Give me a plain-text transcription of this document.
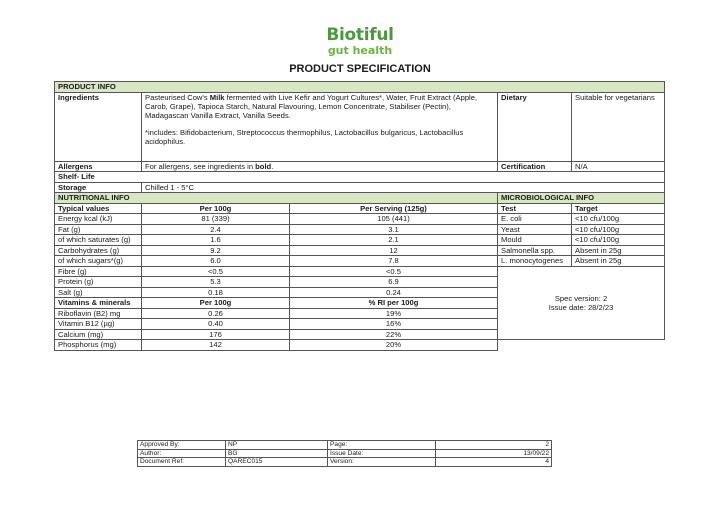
Biotiful
gut health
PRODUCT SPECIFICATION
PRODUCT INFO				
Ingredients	Pasteurised Cow's Milk fermented with Live Kefir and Yogurt Cultures*, Water, Fruit Extract (Apple, Carob, Grape), Tapioca Starch, Natural Flavouring, Lemon Concentrate, Stabiliser (Pectin), Madagascan Vanilla Extract, Vanilla Seeds.

*includes: Bifidobacterium, Streptococcus thermophilus, Lactobacillus bulgaricus, Lactobacillus acidophilus.		Dietary	Suitable for vegetarians
Allergens	For allergens, see ingredients in bold.		Certification	N/A
Shelf- Life				
Storage	Chilled 1 - 5°C			
NUTRITIONAL INFO			MICROBIOLOGICAL INFO	
Typical values	Per 100g	Per Serving (125g)	Test	Target
Energy kcal (kJ)	81 (339)	105 (441)	E. coli	<10 cfu/100g
Fat (g)	2.4	3.1	Yeast	<10 cfu/100g
of which saturates (g)	1.6	2.1	Mould	<10 cfu/100g
Carbohydrates (g)	9.2	12	Salmonella spp.	Absent in 25g
of which sugars*(g)	6.0	7.8	L. monocytogenes	Absent in 25g
Fibre (g)	<0.5	<0.5	Spec version: 2
Issue date: 28/2/23	

Protein (g)	5.3	6.9		
Salt (g)	0.18	0.24		
Vitamins & minerals	Per 100g	% RI per 100g		
Riboflavin (B2) mg	0.26	19%		
Vitamin B12 (µg)	0.40	16%		
Calcium (mg)	176	22%		
Phosphorus (mg)	142	20%		
Approved By:	NP	Page:	2
Author:	BG	Issue Date:	13/09/22
Document Ref:	QAREC015	Version:	4
